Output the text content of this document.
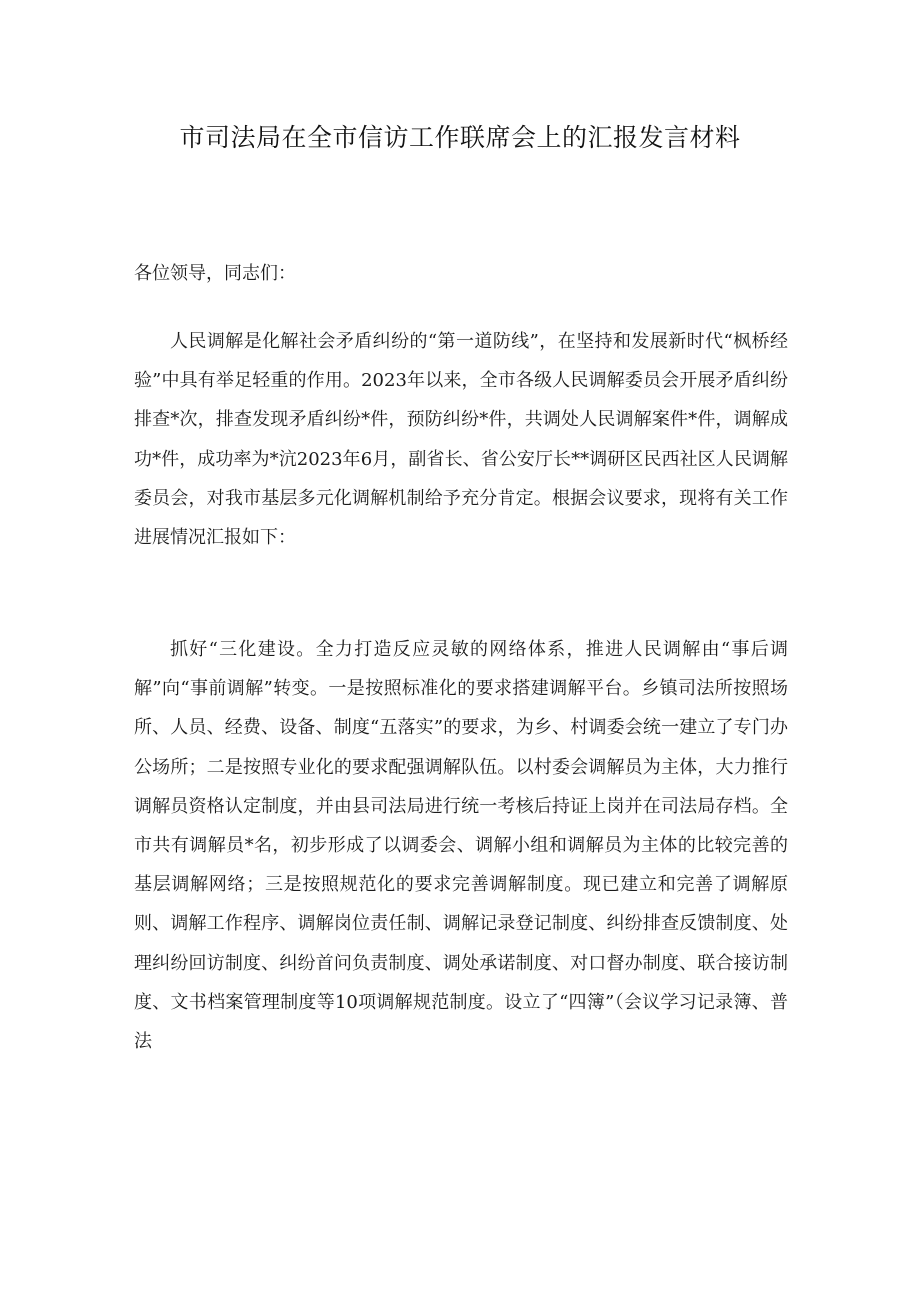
市司法局在全市信访工作联席会上的汇报发言材料

各位领导，同志们：

人民调解是化解社会矛盾纠纷的“第一道防线”，在坚持和发展新时代“枫桥经验”中具有举足轻重的作用。2023年以来，全市各级人民调解委员会开展矛盾纠纷排查*次，排查发现矛盾纠纷*件，预防纠纷*件，共调处人民调解案件*件，调解成功*件，成功率为*沆2023年6月，副省长、省公安厅长**调研区民西社区人民调解委员会，对我市基层多元化调解机制给予充分肯定。根据会议要求，现将有关工作进展情况汇报如下：

抓好“三化建设。全力打造反应灵敏的网络体系，推进人民调解由“事后调解”向“事前调解”转变。一是按照标准化的要求搭建调解平台。乡镇司法所按照场所、人员、经费、设备、制度“五落实”的要求，为乡、村调委会统一建立了专门办公场所；二是按照专业化的要求配强调解队伍。以村委会调解员为主体，大力推行调解员资格认定制度，并由县司法局进行统一考核后持证上岗并在司法局存档。全市共有调解员*名，初步形成了以调委会、调解小组和调解员为主体的比较完善的基层调解网络；三是按照规范化的要求完善调解制度。现已建立和完善了调解原则、调解工作程序、调解岗位责任制、调解记录登记制度、纠纷排查反馈制度、处理纠纷回访制度、纠纷首问负责制度、调处承诺制度、对口督办制度、联合接访制度、文书档案管理制度等10项调解规范制度。设立了“四簿”（会议学习记录簿、普法
